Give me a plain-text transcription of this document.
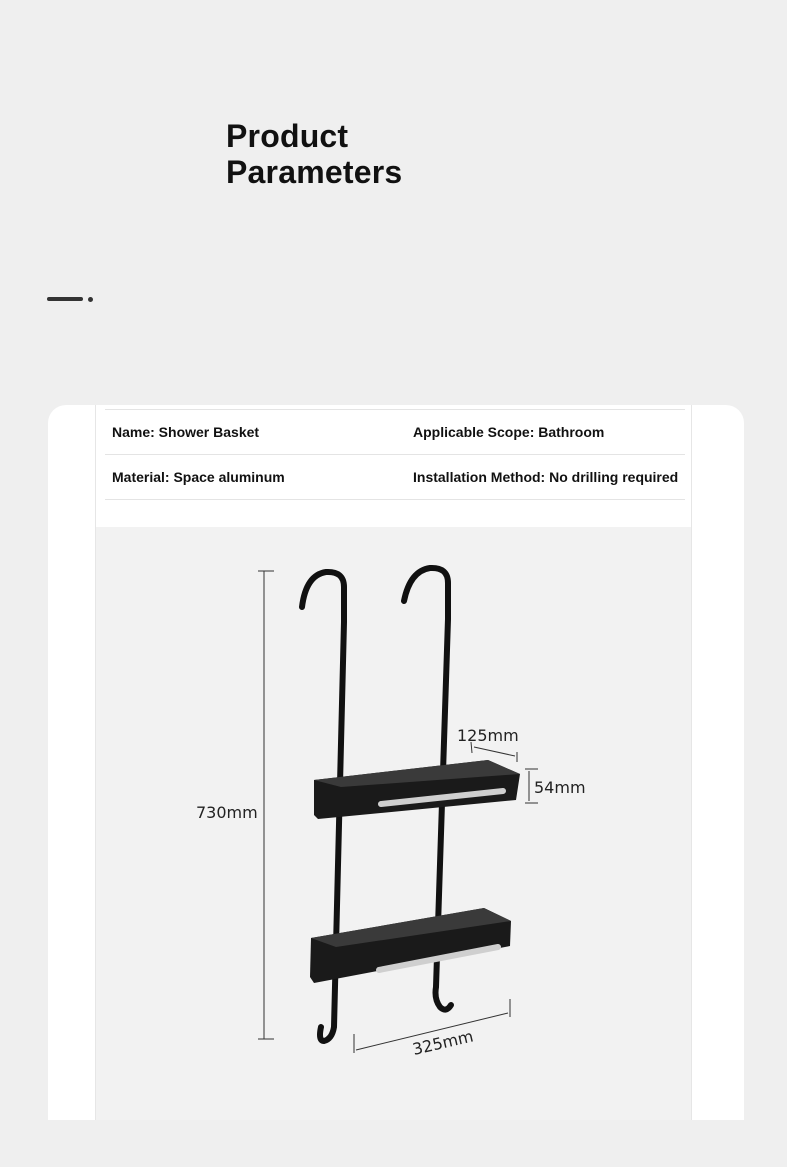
Product
Parameters
Name: Shower Basket	Applicable Scope: Bathroom
Material: Space aluminum	Installation Method: No drilling required
730mm
125mm
54mm
325mm
